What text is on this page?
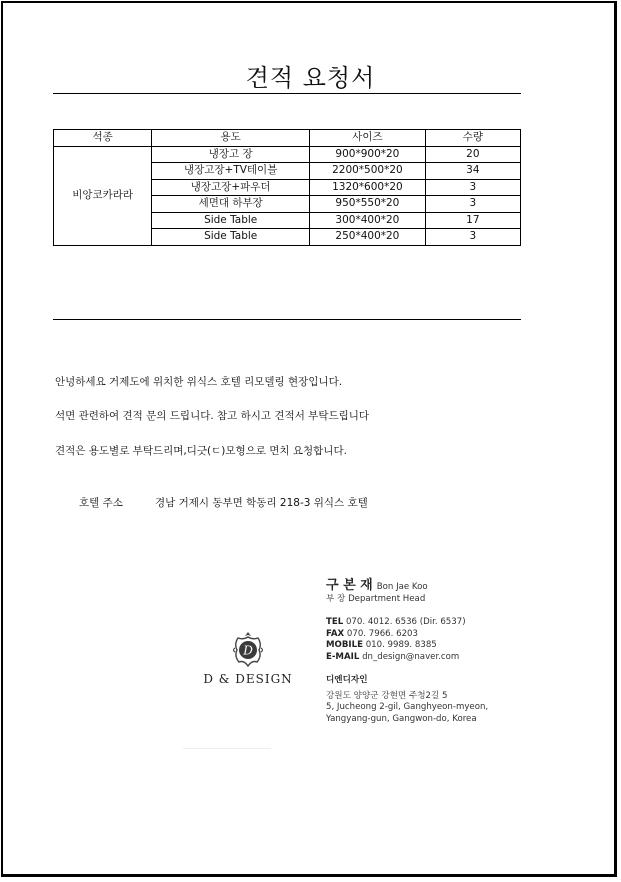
견적 요청서
석종	용도	사이즈	수량
비앙코카라라	냉장고 장	900*900*20	20
	냉장고장+TV테이블	2200*500*20	34
	냉장고장+파우더	1320*600*20	3
	세면대 하부장	950*550*20	3
	Side Table	300*400*20	17
	Side Table	250*400*20	3
안녕하세요 거제도에 위치한 위식스 호텔 리모델링 현장입니다.
석면 관련하여 견적 문의 드립니다. 참고 하시고 견적서 부탁드립니다
견적은 용도별로 부탁드리며,디긋(ㄷ)모형으로 면치 요청합니다.
호텔 주소	경남 거제시 동부면 학동리 218-3 위식스 호텔
D
D & DESIGN
구 본 재 Bon Jae Koo
부 장 Department Head
TEL 070. 4012. 6536 (Dir. 6537)
FAX 070. 7966. 6203
MOBILE 010. 9989. 8385
E-MAIL dn_design@naver.com
디엔디자인
강원도 양양군 강현면 주청2길 5
5, Jucheong 2-gil, Ganghyeon-myeon,
Yangyang-gun, Gangwon-do, Korea
